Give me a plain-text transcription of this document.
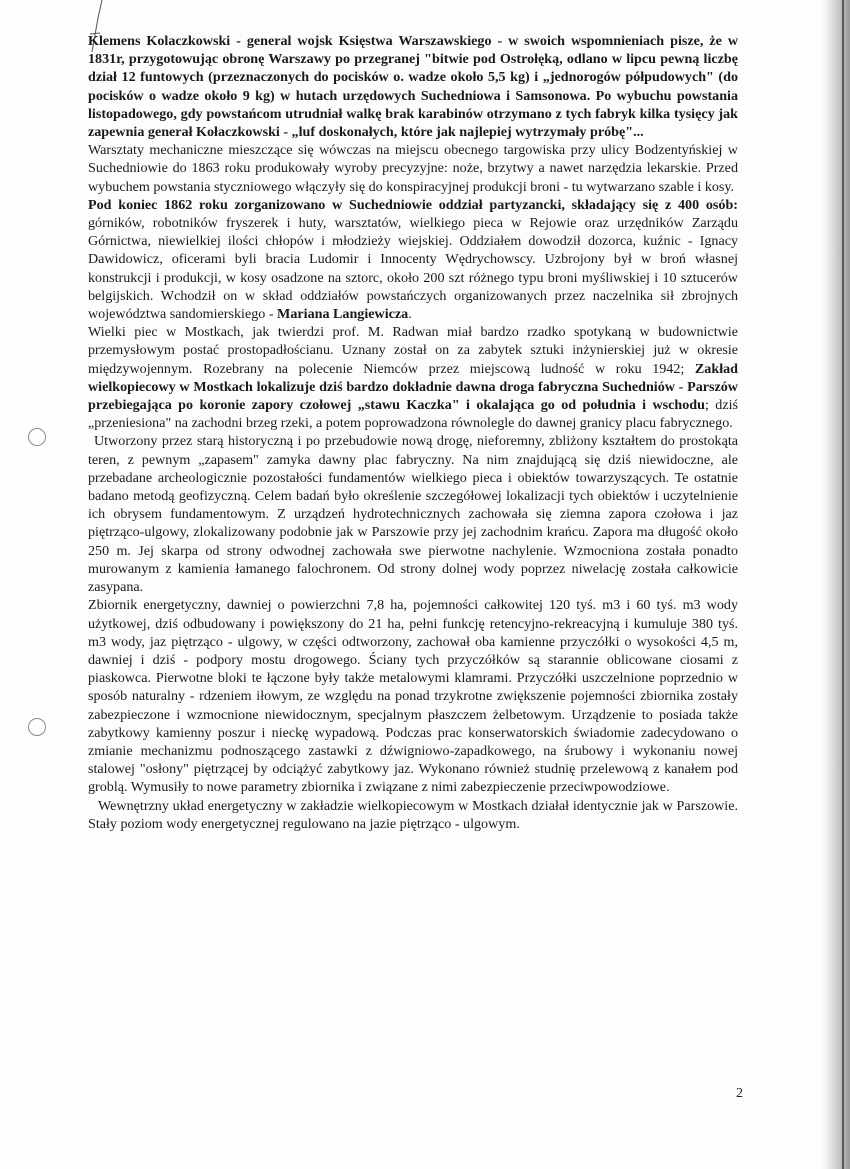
Klemens Kolaczkowski - general wojsk Księstwa Warszawskiego - w swoich wspomnieniach pisze, że w 1831r, przygotowując obronę Warszawy po przegranej "bitwie pod Ostrołęką, odlano w lipcu pewną liczbę dział 12 funtowych (przeznaczonych do pocisków o. wadze około 5,5 kg) i „jednorogów półpudowych" (do pocisków o wadze około 9 kg) w hutach urzędowych Suchedniowa i Samsonowa. Po wybuchu powstania listopadowego, gdy powstańcom utrudniał walkę brak karabinów otrzymano z tych fabryk kilka tysięcy jak zapewnia generał Kołaczkowski - „luf doskonałych, które jak najlepiej wytrzymały próbę"...

Warsztaty mechaniczne mieszczące się wówczas na miejscu obecnego targowiska przy ulicy Bodzentyńskiej w Suchedniowie do 1863 roku produkowały wyroby precyzyjne: noże, brzytwy a nawet narzędzia lekarskie. Przed wybuchem powstania styczniowego włączyły się do konspiracyjnej produkcji broni - tu wytwarzano szable i kosy.

Pod koniec 1862 roku zorganizowano w Suchedniowie oddział partyzancki, składający się z 400 osób: górników, robotników fryszerek i huty, warsztatów, wielkiego pieca w Rejowie oraz urzędników Zarządu Górnictwa, niewielkiej ilości chłopów i młodzieży wiejskiej. Oddziałem dowodził dozorca, kuźnic - Ignacy Dawidowicz, oficerami byli bracia Ludomir i Innocenty Wędrychowscy. Uzbrojony był w broń własnej konstrukcji i produkcji, w kosy osadzone na sztorc, około 200 szt różnego typu broni myśliwskiej i 10 sztucerów belgijskich. Wchodził on w skład oddziałów powstańczych organizowanych przez naczelnika sił zbrojnych województwa sandomierskiego - Mariana Langiewicza.

Wielki piec w Mostkach, jak twierdzi prof. M. Radwan miał bardzo rzadko spotykaną w budownictwie przemysłowym postać prostopadłościanu. Uznany został on za zabytek sztuki inżynierskiej już w okresie międzywojennym. Rozebrany na polecenie Niemców przez miejscową ludność w roku 1942; Zakład wielkopiecowy w Mostkach lokalizuje dziś bardzo dokładnie dawna droga fabryczna Suchedniów - Parszów przebiegająca po koronie zapory czołowej „stawu Kaczka" i okalająca go od południa i wschodu; dziś „przeniesiona" na zachodni brzeg rzeki, a potem poprowadzona równolegle do dawnej granicy placu fabrycznego.

Utworzony przez starą historyczną i po przebudowie nową drogę, nieforemny, zbliżony kształtem do prostokąta teren, z pewnym „zapasem" zamyka dawny plac fabryczny. Na nim znajdującą się dziś niewidoczne, ale przebadane archeologicznie pozostałości fundamentów wielkiego pieca i obiektów towarzyszących. Te ostatnie badano metodą geofizyczną. Celem badań było określenie szczegółowej lokalizacji tych obiektów i uczytelnienie ich obrysem fundamentowym. Z urządzeń hydrotechnicznych zachowała się ziemna zapora czołowa i jaz piętrząco-ulgowy, zlokalizowany podobnie jak w Parszowie przy jej zachodnim krańcu. Zapora ma długość około 250 m. Jej skarpa od strony odwodnej zachowała swe pierwotne nachylenie. Wzmocniona została ponadto murowanym z kamienia łamanego falochronem. Od strony dolnej wody poprzez niwelację została całkowicie zasypana.

Zbiornik energetyczny, dawniej o powierzchni 7,8 ha, pojemności całkowitej 120 tyś. m3 i 60 tyś. m3 wody użytkowej, dziś odbudowany i powiększony do 21 ha, pełni funkcję retencyjno-rekreacyjną i kumuluje 380 tyś. m3 wody, jaz piętrząco - ulgowy, w części odtworzony, zachował oba kamienne przyczółki o wysokości 4,5 m, dawniej i dziś - podpory mostu drogowego. Ściany tych przyczółków są starannie oblicowane ciosami z piaskowca. Pierwotne bloki te łączone były także metalowymi klamrami. Przyczółki uszczelnione poprzednio w sposób naturalny - rdzeniem iłowym, ze względu na ponad trzykrotne zwiększenie pojemności zbiornika zostały zabezpieczone i wzmocnione niewidocznym, specjalnym płaszczem żelbetowym. Urządzenie to posiada także zabytkowy kamienny poszur i nieckę wypadową. Podczas prac konserwatorskich świadomie zadecydowano o zmianie mechanizmu podnoszącego zastawki z dźwigniowo-zapadkowego, na śrubowy i wykonaniu nowej stalowej "osłony" piętrzącej by odciążyć zabytkowy jaz. Wykonano również studnię przelewową z kanałem pod groblą. Wymusiły to nowe parametry zbiornika i związane z nimi zabezpieczenie przeciwpowodziowe.

Wewnętrzny układ energetyczny w zakładzie wielkopiecowym w Mostkach działał identycznie jak w Parszowie. Stały poziom wody energetycznej regulowano na jazie piętrząco - ulgowym.

2
